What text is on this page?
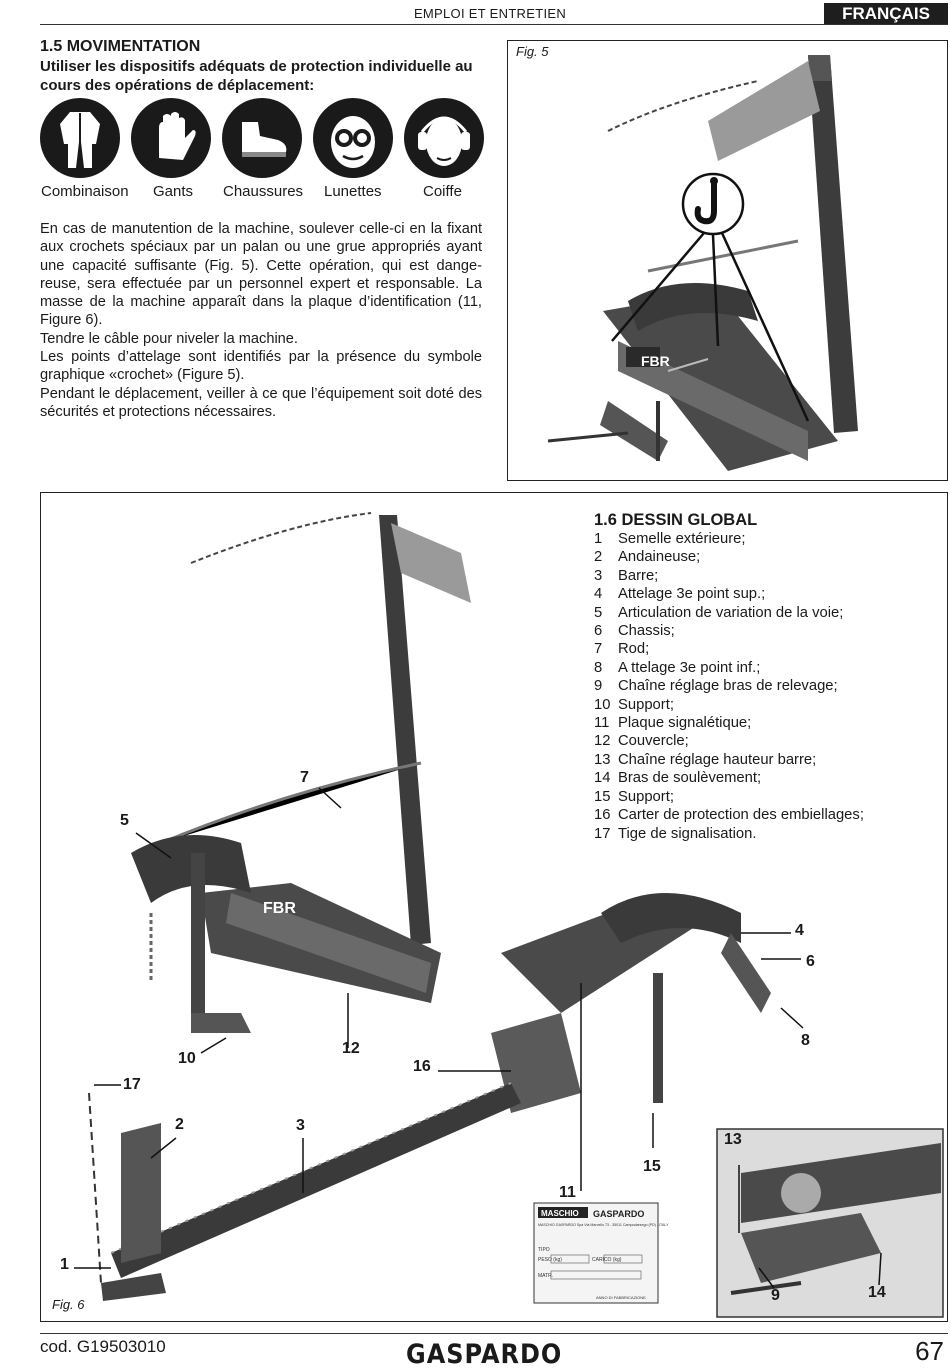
EMPLOI ET ENTRETIEN	FRANÇAIS
1.5 MOVIMENTATION
Utiliser les dispositifs adéquats de protection individuelle au cours des opérations de déplacement:
Combinaison Gants Chaussures Lunettes	Coiffe

En cas de manutention de la machine, soulever celle-ci en la fixant aux crochets spéciaux par un palan ou une grue appropriés ayant une capacité suffisante (Fig. 5). Cette opération, qui est dange-reuse, sera effectuée par un personnel expert et responsable. La masse de la machine apparaît dans la plaque d’identification (11, Figure 6).

Tendre le câble pour niveler la machine.

Les points d’attelage sont identifiés par la présence du symbole graphique «crochet» (Figure 5).

Pendant le déplacement, veiller à ce que l’équipement soit doté des sécurités et protections nécessaires.

Fig. 5
FBR
FBR
MASCHIO GASPARDO
MASCHIO GASPARDO Spa Via Marcello 73 - 35011 Campodarsego (PD) - ITALY
TIPO
PESO (kg)	CARICO (kg)
MATR.
ANNO DI FABBRICAZIONE
Fig. 6
1
2	3
4
5
6
7
8
9
10
11
12
13
14
15
16
17
1.6 DESSIN GLOBAL
1	Semelle extérieure;
2	Andaineuse;
3	Barre;
4	Attelage 3e point sup.;
5	Articulation de variation de la voie;
6	Chassis;
7	Rod;
8	A ttelage 3e point inf.;
9	Chaîne réglage bras de relevage;
10 Support;
11 Plaque signalétique;
12 Couvercle;
13 Chaîne réglage hauteur barre;
14 Bras de soulèvement;
15 Support;
16 Carter de protection des embiellages;
17 Tige de signalisation.
cod. G19503010	GASPARDO	67
